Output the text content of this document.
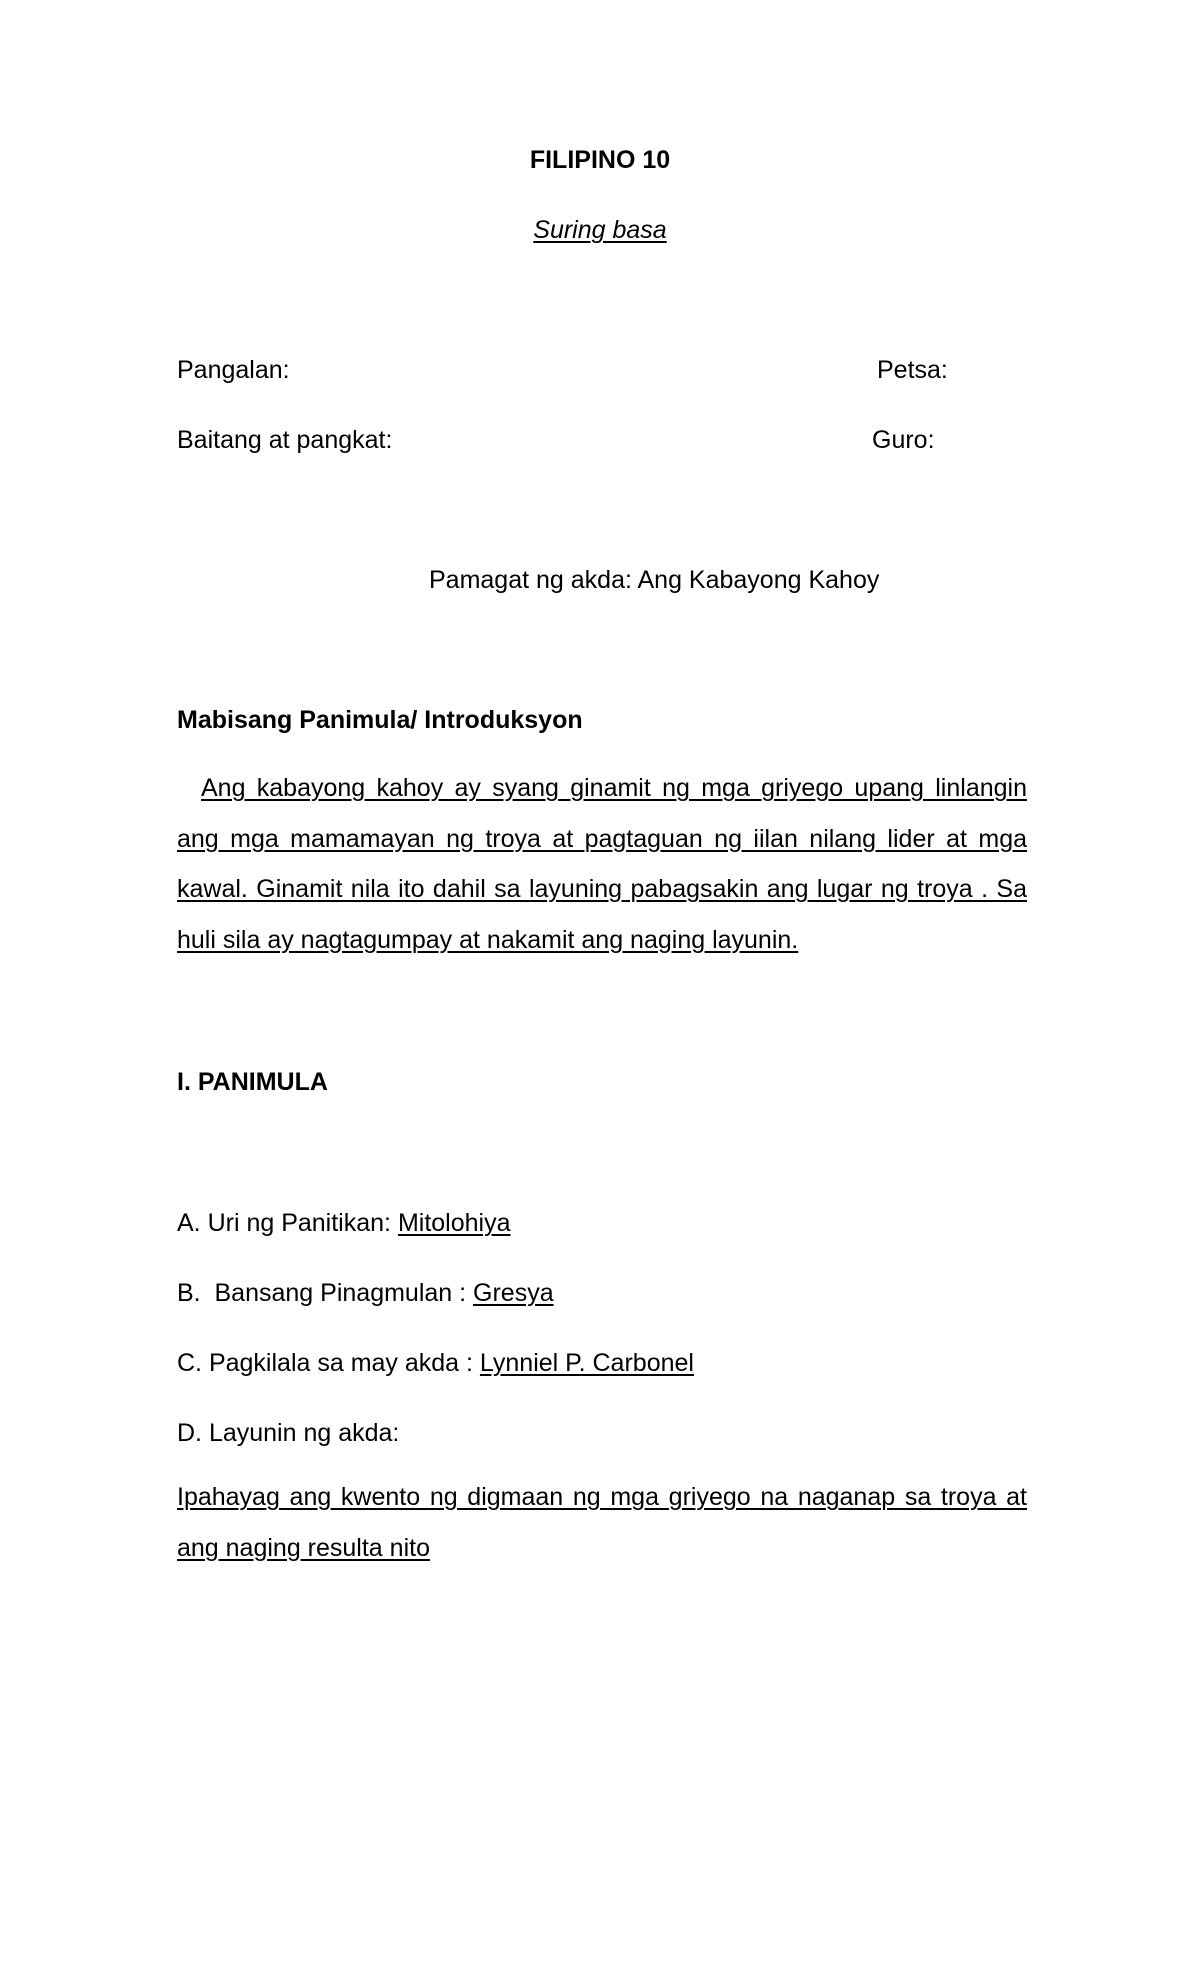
FILIPINO 10
Suring basa
Pangalan:	Petsa:
Baitang at pangkat:	Guro:
Pamagat ng akda: Ang Kabayong Kahoy
Mabisang Panimula/ Introduksyon
Ang kabayong kahoy ay syang ginamit ng mga griyego upang linlangin ang mga mamamayan ng troya at pagtaguan ng iilan nilang lider at mga kawal. Ginamit nila ito dahil sa layuning pabagsakin ang lugar ng troya . Sa huli sila ay nagtagumpay at nakamit ang naging layunin.
I. PANIMULA
A. Uri ng Panitikan: Mitolohiya
B.  Bansang Pinagmulan : Gresya
C. Pagkilala sa may akda : Lynniel P. Carbonel
D. Layunin ng akda:
Ipahayag ang kwento ng digmaan ng mga griyego na naganap sa troya at ang naging resulta nito
